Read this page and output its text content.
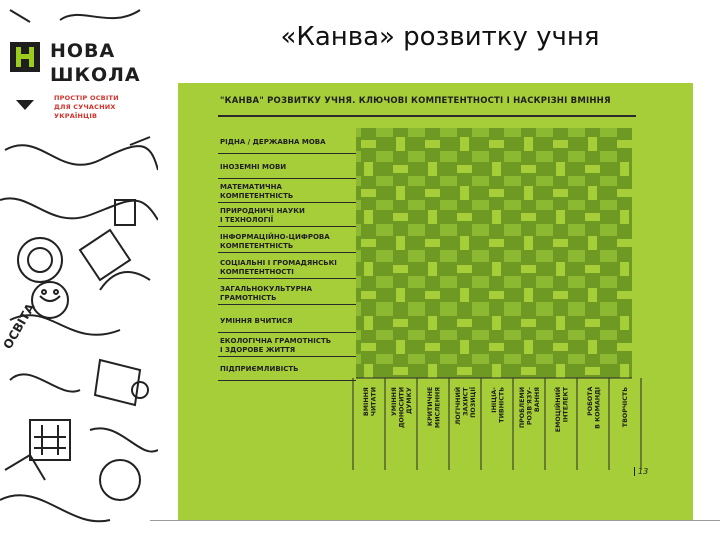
ОСВІТА
НОВА
ШКОЛА
ПРОСТІР ОСВІТИ
ДЛЯ СУЧАСНИХ
УКРАЇНЦІВ
«Канва» розвитку учня
"КАНВА" РОЗВИТКУ УЧНЯ. КЛЮЧОВІ КОМПЕТЕНТНОСТІ І НАСКРІЗНІ ВМІННЯ
РІДНА / ДЕРЖАВНА МОВА
ІНОЗЕМНІ МОВИ
МАТЕМАТИЧНА
КОМПЕТЕНТНІСТЬ
ПРИРОДНИЧІ НАУКИ
І ТЕХНОЛОГІЇ
ІНФОРМАЦІЙНО-ЦИФРОВА
КОМПЕТЕНТНІСТЬ
СОЦІАЛЬНІ І ГРОМАДЯНСЬКІ
КОМПЕТЕНТНОСТІ
ЗАГАЛЬНОКУЛЬТУРНА
ГРАМОТНІСТЬ
УМІННЯ ВЧИТИСЯ
ЕКОЛОГІЧНА ГРАМОТНІСТЬ
І ЗДОРОВЕ ЖИТТЯ
ПІДПРИЄМЛИВІСТЬ
ВМІННЯ
ЧИТАТИ УМІННЯ
ДОНОСИТИ
ДУМКУ КРИТИЧНЕ
МИСЛЕННЯ ЛОГІЧНИЙ
ЗАХИСТ
ПОЗИЦІЇ ІНІЦІА-
ТИВНІСТЬ ПРОБЛЕМИ
РОЗВ'ЯЗУ-
ВАННЯ ЕМОЦІЙНИЙ
ІНТЕЛЕКТ	РОБОТА
В КОМАНДІ	ТВОРЧІСТЬ
13
